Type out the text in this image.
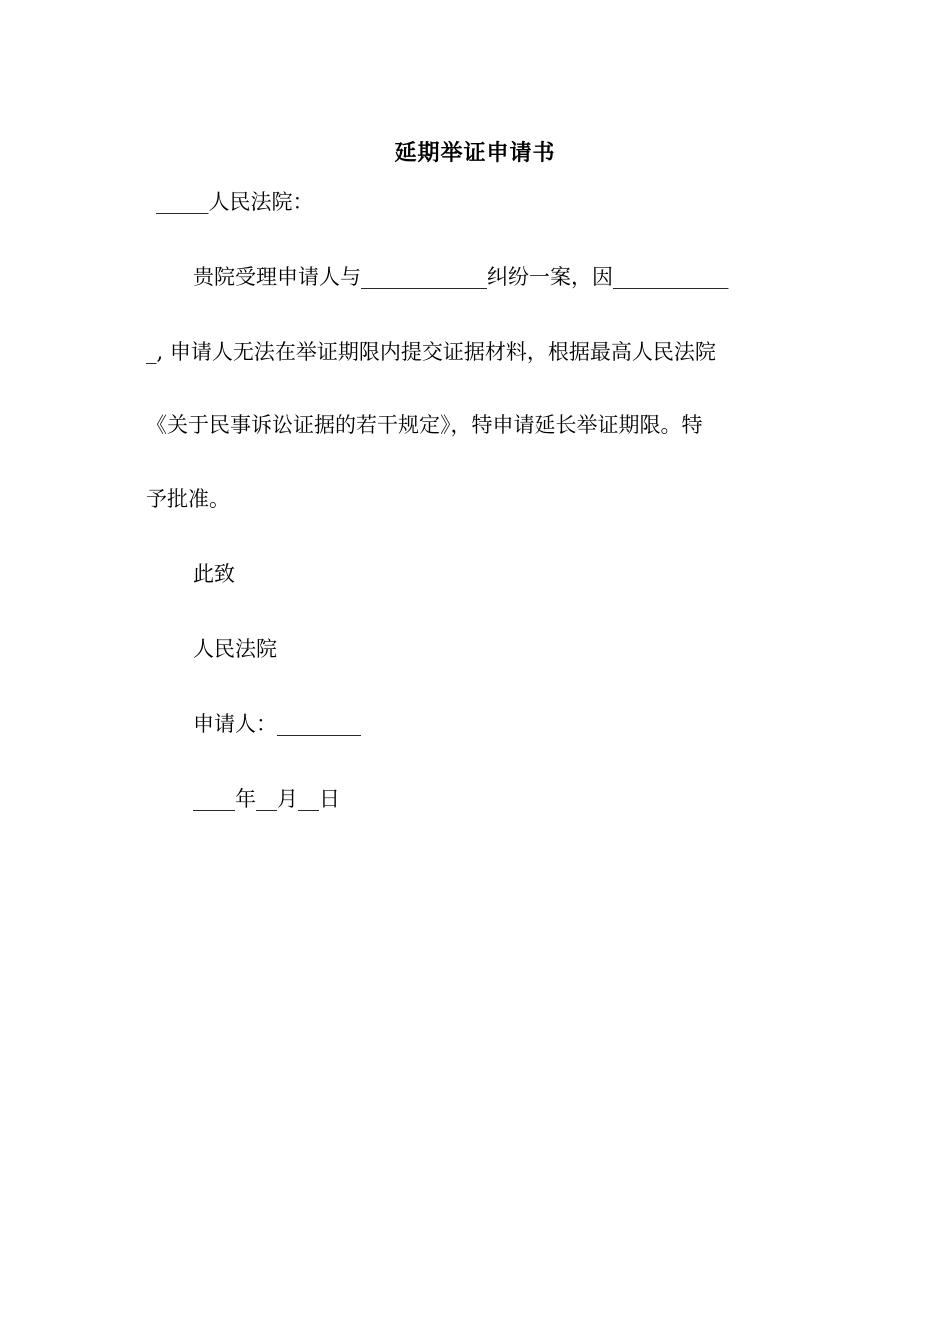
延期举证申请书
_____人民法院：
贵院受理申请人与____________纠纷一案，因___________
_, 申请人无法在举证期限内提交证据材料，根据最高人民法院
《关于民事诉讼证据的若干规定》，特申请延长举证期限。特
予批准。
此致
人民法院
申请人：________
____年__月__日
